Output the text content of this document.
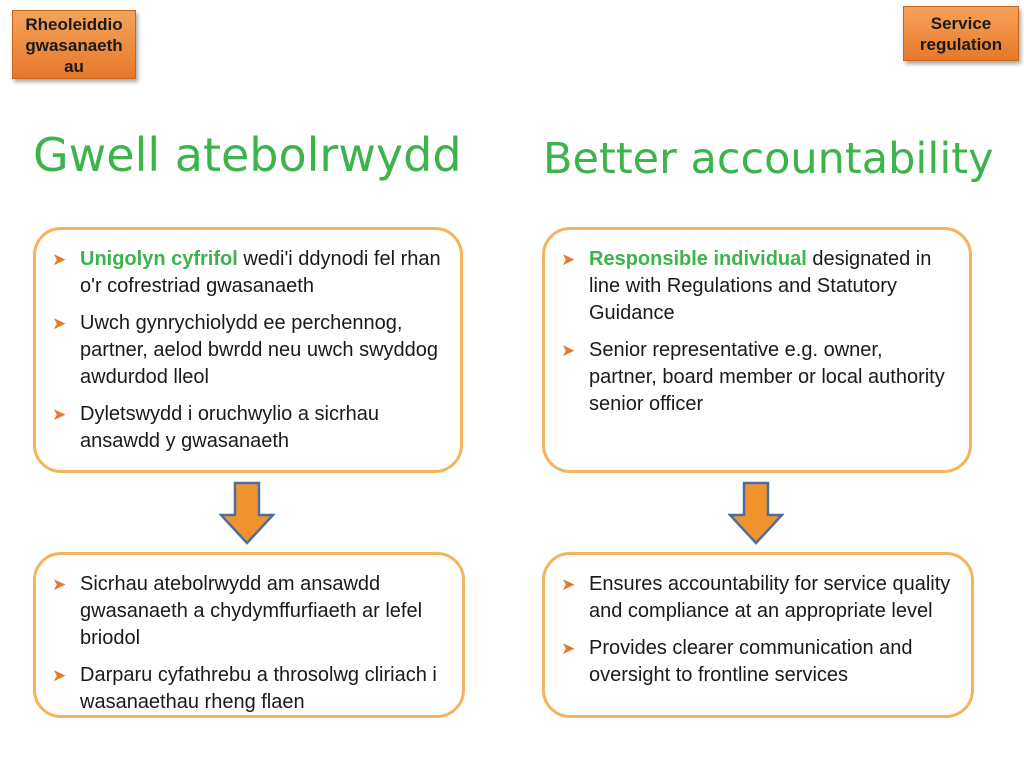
Rheoleiddio
gwasanaeth
au
Service
regulation
Gwell atebolrwydd Better accountability
➤ Unigolyn cyfrifol wedi'i ddynodi fel rhan o'r cofrestriad gwasanaeth
➤ Uwch gynrychiolydd ee perchennog, partner, aelod bwrdd neu uwch swyddog awdurdod lleol
➤ Dyletswydd i oruchwylio a sicrhau ansawdd y gwasanaeth
➤ Responsible individual designated in line with Regulations and Statutory Guidance
➤ Senior representative e.g. owner, partner, board member or local authority senior officer
➤ Sicrhau atebolrwydd am ansawdd gwasanaeth a chydymffurfiaeth ar lefel briodol
➤ Darparu cyfathrebu a throsolwg cliriach i wasanaethau rheng flaen
➤ Ensures accountability for service quality and compliance at an appropriate level
➤ Provides clearer communication and oversight to frontline services
